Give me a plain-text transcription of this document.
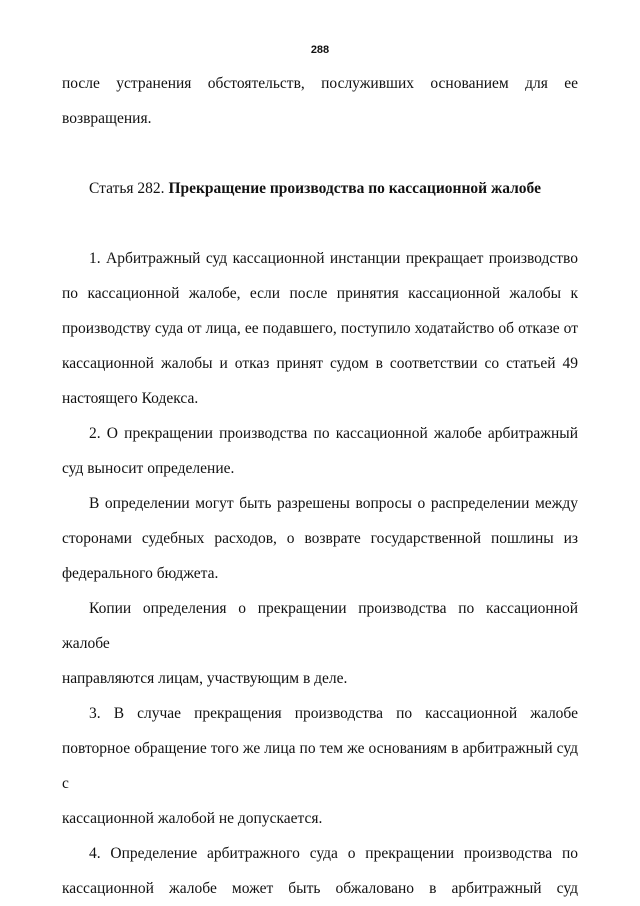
288

после устранения обстоятельств, послуживших основанием для ее

возвращения.

Статья 282. Прекращение производства по кассационной жалобе

1. Арбитражный суд кассационной инстанции прекращает производство

по кассационной жалобе, если после принятия кассационной жалобы к

производству суда от лица, ее подавшего, поступило ходатайство об отказе от

кассационной жалобы и отказ принят судом в соответствии со статьей 49

настоящего Кодекса.

2. О прекращении производства по кассационной жалобе арбитражный

суд выносит определение.

В определении могут быть разрешены вопросы о распределении между

сторонами судебных расходов, о возврате государственной пошлины из

федерального бюджета.

Копии определения о прекращении производства по кассационной жалобе

направляются лицам, участвующим в деле.

3. В случае прекращения производства по кассационной жалобе

повторное обращение того же лица по тем же основаниям в арбитражный суд с

кассационной жалобой не допускается.

4. Определение арбитражного суда о прекращении производства по

кассационной жалобе может быть обжаловано в арбитражный суд
